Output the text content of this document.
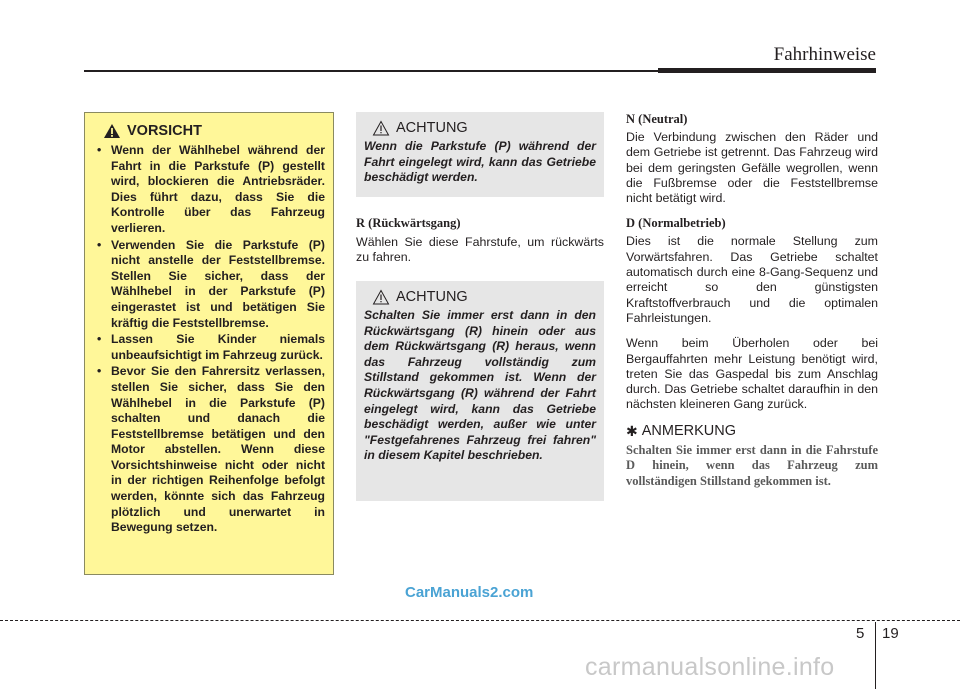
Fahrhinweise
VORSICHT
• Wenn der Wählhebel während der Fahrt in die Parkstufe (P) gestellt wird, blockieren die Antriebsräder. Dies führt dazu, dass Sie die Kontrolle über das Fahrzeug verlieren.
• Verwenden Sie die Parkstufe (P) nicht anstelle der Feststellbremse. Stellen Sie sicher, dass der Wählhebel in der Parkstufe (P) eingerastet ist und betätigen Sie kräftig die Feststellbremse.
• Lassen Sie Kinder niemals unbeaufsichtigt im Fahrzeug zurück.
• Bevor Sie den Fahrersitz verlassen, stellen Sie sicher, dass Sie den Wählhebel in die Parkstufe (P) schalten und danach die Feststellbremse betätigen und den Motor abstellen. Wenn diese Vorsichtshinweise nicht oder nicht in der richtigen Reihenfolge befolgt werden, könnte sich das Fahrzeug plötzlich und unerwartet in Bewegung setzen.
ACHTUNG

Wenn die Parkstufe (P) während der Fahrt eingelegt wird, kann das Getriebe beschädigt werden.

R (Rückwärtsgang)

Wählen Sie diese Fahrstufe, um rückwärts zu fahren.

ACHTUNG

Schalten Sie immer erst dann in den Rückwärtsgang (R) hinein oder aus dem Rückwärtsgang (R) heraus, wenn das Fahrzeug vollständig zum Stillstand gekommen ist. Wenn der Rückwärtsgang (R) während der Fahrt eingelegt wird, kann das Getriebe beschädigt werden, außer wie unter "Festgefahrenes Fahrzeug frei fahren" in diesem Kapitel beschrieben.

N (Neutral)

Die Verbindung zwischen den Räder und dem Getriebe ist getrennt. Das Fahrzeug wird bei dem geringsten Gefälle wegrollen, wenn die Fußbremse oder die Feststellbremse nicht betätigt wird.

D (Normalbetrieb)

Dies ist die normale Stellung zum Vorwärtsfahren. Das Getriebe schaltet automatisch durch eine 8-Gang-Sequenz und erreicht so den günstigsten Kraftstoffverbrauch und die optimalen Fahrleistungen.

Wenn beim Überholen oder bei Bergauffahrten mehr Leistung benötigt wird, treten Sie das Gaspedal bis zum Anschlag durch. Das Getriebe schaltet daraufhin in den nächsten kleineren Gang zurück.

✱ ANMERKUNG

Schalten Sie immer erst dann in die Fahrstufe D hinein, wenn das Fahrzeug zum vollständigen Stillstand gekommen ist.

CarManuals2.com
5 19
carmanualsonline.info
